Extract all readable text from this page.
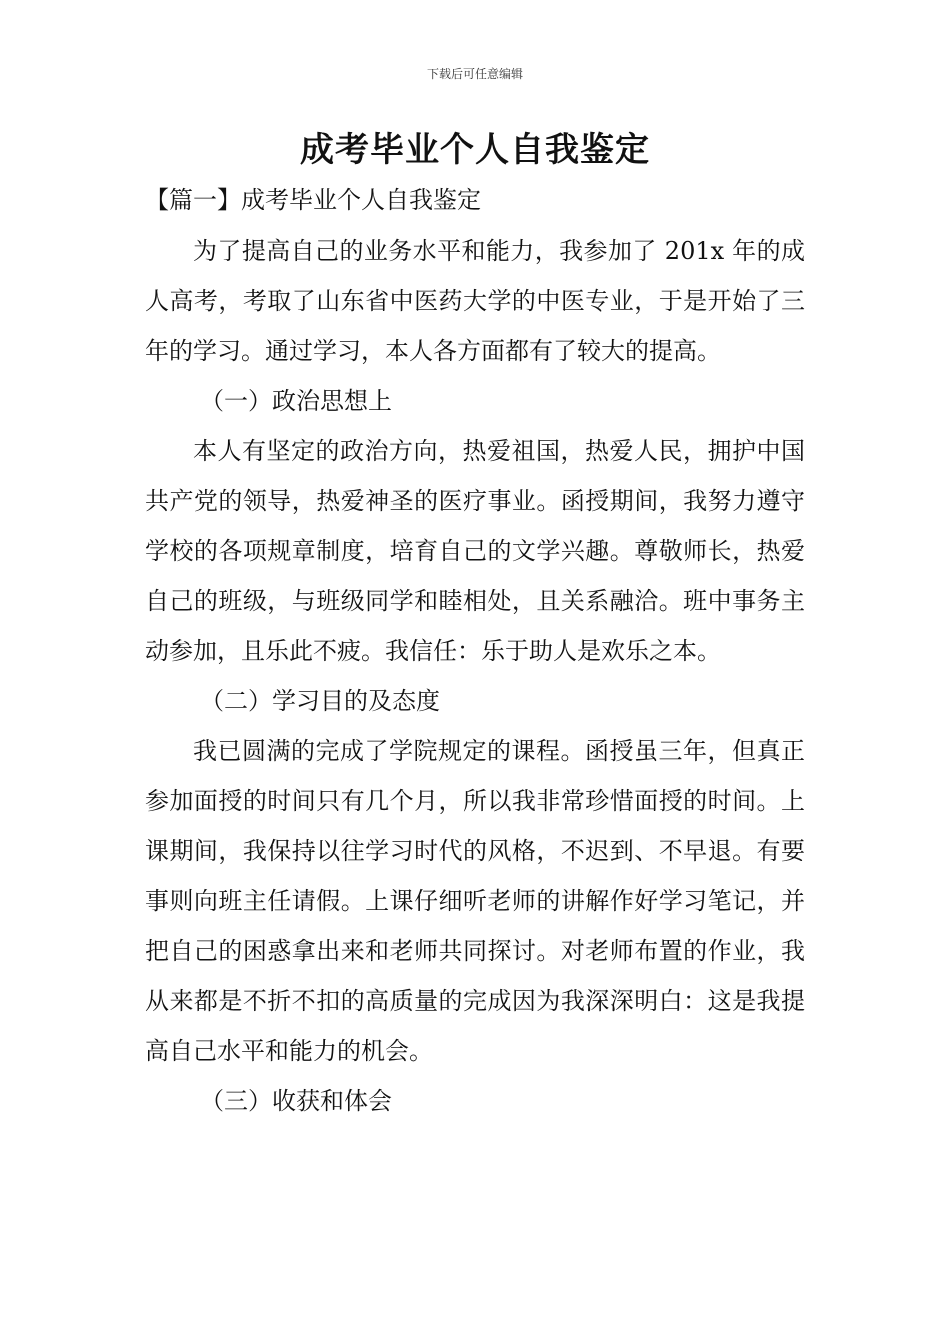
下载后可任意编辑
成考毕业个人自我鉴定
【篇一】成考毕业个人自我鉴定

为了提高自己的业务水平和能力，我参加了 201x 年的成人高考，考取了山东省中医药大学的中医专业，于是开始了三年的学习。通过学习，本人各方面都有了较大的提高。

（一）政治思想上

本人有坚定的政治方向，热爱祖国，热爱人民，拥护中国共产党的领导，热爱神圣的医疗事业。函授期间，我努力遵守学校的各项规章制度，培育自己的文学兴趣。尊敬师长，热爱自己的班级，与班级同学和睦相处，且关系融洽。班中事务主动参加，且乐此不疲。我信任：乐于助人是欢乐之本。

（二）学习目的及态度

我已圆满的完成了学院规定的课程。函授虽三年，但真正参加面授的时间只有几个月，所以我非常珍惜面授的时间。上课期间，我保持以往学习时代的风格，不迟到、不早退。有要事则向班主任请假。上课仔细听老师的讲解作好学习笔记，并把自己的困惑拿出来和老师共同探讨。对老师布置的作业，我从来都是不折不扣的高质量的完成因为我深深明白：这是我提高自己水平和能力的机会。

（三）收获和体会
